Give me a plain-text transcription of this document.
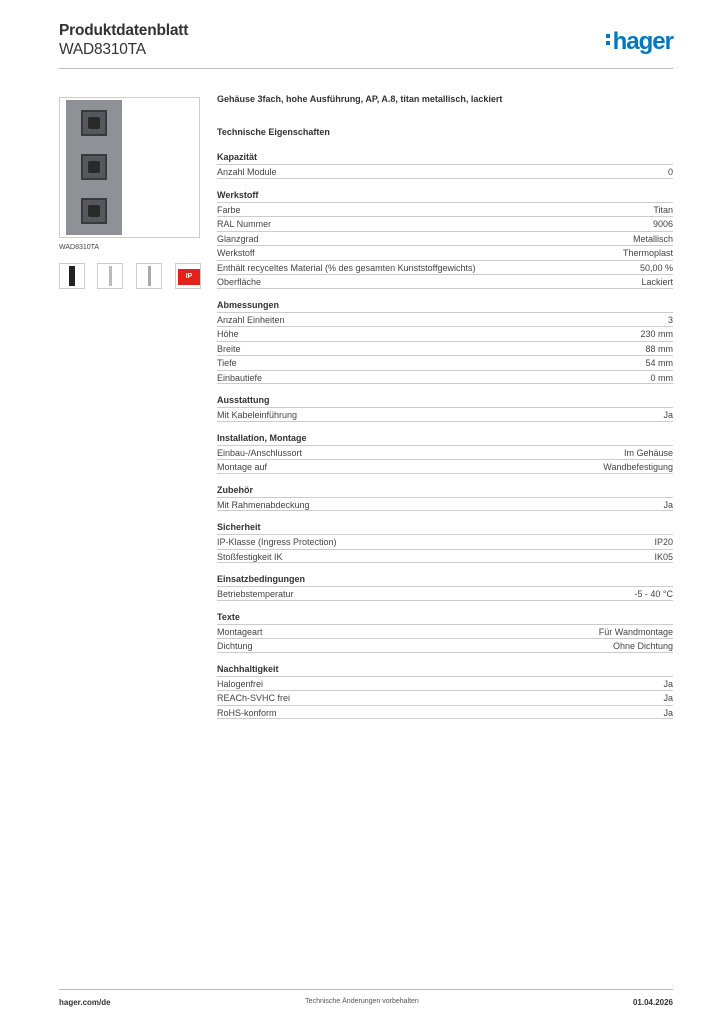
Produktdatenblatt
WAD8310TA	hager
WAD8310TA
IP
Gehäuse 3fach, hohe Ausführung, AP, A.8, titan metallisch, lackiert
Technische Eigenschaften
Kapazität
Anzahl Module	0
Werkstoff
Farbe	Titan
RAL Nummer	9006
Glanzgrad	Metallisch
Werkstoff	Thermoplast
Enthält recyceltes Material (% des gesamten Kunststoffgewichts)	50,00 %
Oberfläche	Lackiert
Abmessungen
Anzahl Einheiten	3
Höhe	230 mm
Breite	88 mm
Tiefe	54 mm
Einbautiefe	0 mm
Ausstattung
Mit Kabeleinführung	Ja
Installation, Montage
Einbau-/Anschlussort	Im Gehäuse
Montage auf	Wandbefestigung
Zubehör
Mit Rahmenabdeckung	Ja
Sicherheit
IP-Klasse (Ingress Protection)	IP20
Stoßfestigkeit IK	IK05
Einsatzbedingungen
Betriebstemperatur	-5 - 40 °C
Texte
Montageart	Für Wandmontage
Dichtung	Ohne Dichtung
Nachhaltigkeit
Halogenfrei	Ja
REACh-SVHC frei	Ja
RoHS-konform	Ja
hager.com/de	Technische Änderungen vorbehalten	01.04.2026
